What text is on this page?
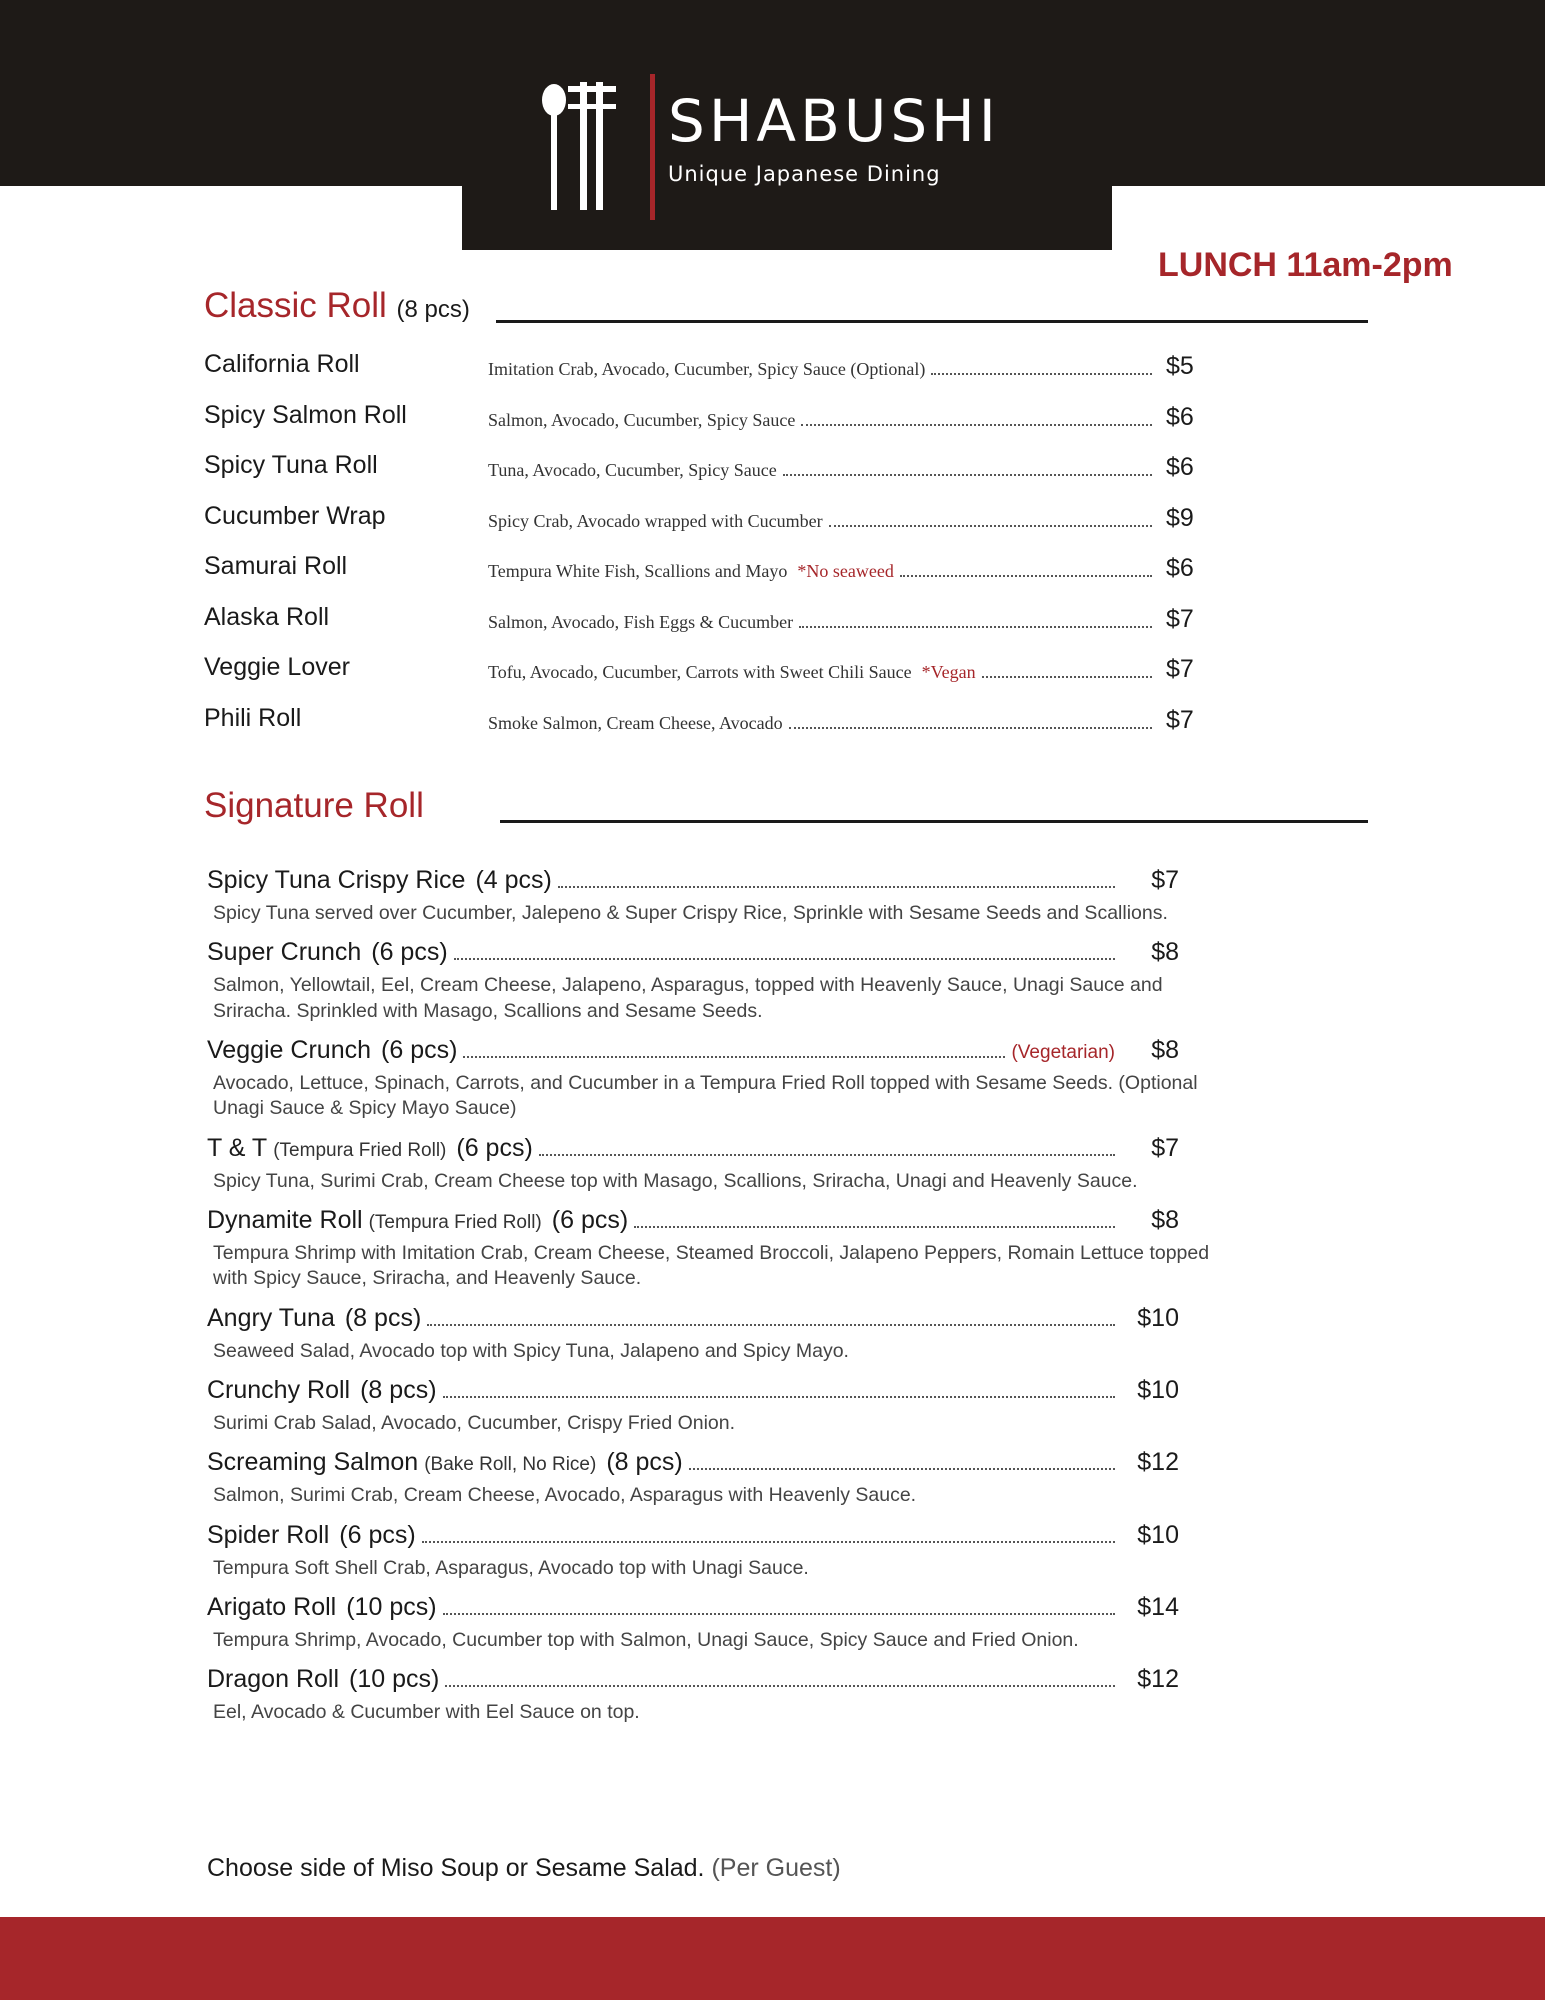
SHABUSHI
Unique Japanese Dining
LUNCH 11am-2pm
Classic Roll (8 pcs)
California Roll	Imitation Crab, Avocado, Cucumber, Spicy Sauce (Optional)	$5
Spicy Salmon Roll	Salmon, Avocado, Cucumber, Spicy Sauce	$6
Spicy Tuna Roll	Tuna, Avocado, Cucumber, Spicy Sauce	$6
Cucumber Wrap	Spicy Crab, Avocado wrapped with Cucumber	$9
Samurai Roll	Tempura White Fish, Scallions and Mayo *No seaweed	$6
Alaska Roll	Salmon, Avocado, Fish Eggs & Cucumber	$7
Veggie Lover	Tofu, Avocado, Cucumber, Carrots with Sweet Chili Sauce *Vegan	$7
Phili Roll	Smoke Salmon, Cream Cheese, Avocado	$7
Signature Roll
Spicy Tuna Crispy Rice (4 pcs)	$7
Spicy Tuna served over Cucumber, Jalepeno & Super Crispy Rice, Sprinkle with Sesame Seeds and Scallions.
Super Crunch (6 pcs)	$8
Salmon, Yellowtail, Eel, Cream Cheese, Jalapeno, Asparagus, topped with Heavenly Sauce, Unagi Sauce and Sriracha. Sprinkled with Masago, Scallions and Sesame Seeds.
Veggie Crunch (6 pcs)	(Vegetarian)	$8
Avocado, Lettuce, Spinach, Carrots, and Cucumber in a Tempura Fried Roll topped with Sesame Seeds. (Optional Unagi Sauce & Spicy Mayo Sauce)
T & T (Tempura Fried Roll) (6 pcs)	$7
Spicy Tuna, Surimi Crab, Cream Cheese top with Masago, Scallions, Sriracha, Unagi and Heavenly Sauce.
Dynamite Roll (Tempura Fried Roll) (6 pcs)	$8
Tempura Shrimp with Imitation Crab, Cream Cheese, Steamed Broccoli, Jalapeno Peppers, Romain Lettuce topped with Spicy Sauce, Sriracha, and Heavenly Sauce.
Angry Tuna (8 pcs)	$10
Seaweed Salad, Avocado top with Spicy Tuna, Jalapeno and Spicy Mayo.
Crunchy Roll (8 pcs)	$10
Surimi Crab Salad, Avocado, Cucumber, Crispy Fried Onion.
Screaming Salmon (Bake Roll, No Rice) (8 pcs)	$12
Salmon, Surimi Crab, Cream Cheese, Avocado, Asparagus with Heavenly Sauce.
Spider Roll (6 pcs)	$10
Tempura Soft Shell Crab, Asparagus, Avocado top with Unagi Sauce.
Arigato Roll (10 pcs)	$14
Tempura Shrimp, Avocado, Cucumber top with Salmon, Unagi Sauce, Spicy Sauce and Fried Onion.
Dragon Roll (10 pcs)	$12
Eel, Avocado & Cucumber with Eel Sauce on top.
Choose side of Miso Soup or Sesame Salad. (Per Guest)
